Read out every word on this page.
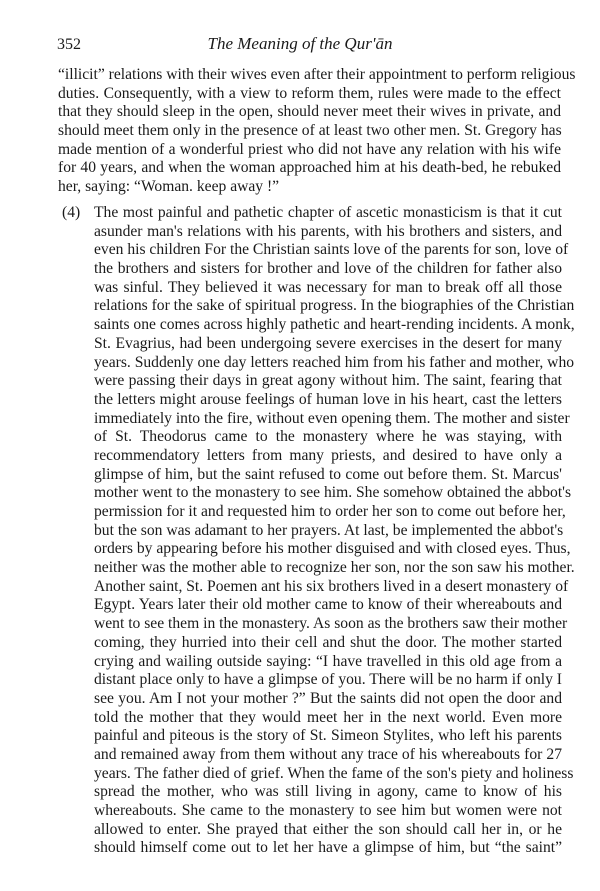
352	The Meaning of the Qur'ān
“illicit” relations with their wives even after their appointment to perform religious
duties. Consequently, with a view to reform them, rules were made to the effect
that they should sleep in the open, should never meet their wives in private, and
should meet them only in the presence of at least two other men. St. Gregory has
made mention of a wonderful priest who did not have any relation with his wife
for 40 years, and when the woman approached him at his death-bed, he rebuked
her, saying: “Woman. keep away !”
(4) The most painful and pathetic chapter of ascetic monasticism is that it cut
asunder man's relations with his parents, with his brothers and sisters, and
even his children For the Christian saints love of the parents for son, love of
the brothers and sisters for brother and love of the children for father also
was sinful. They believed it was necessary for man to break off all those
relations for the sake of spiritual progress. In the biographies of the Christian
saints one comes across highly pathetic and heart-rending incidents. A monk,
St. Evagrius, had been undergoing severe exercises in the desert for many
years. Suddenly one day letters reached him from his father and mother, who
were passing their days in great agony without him. The saint, fearing that
the letters might arouse feelings of human love in his heart, cast the letters
immediately into the fire, without even opening them. The mother and sister
of St. Theodorus came to the monastery where he was staying, with
recommendatory letters from many priests, and desired to have only a
glimpse of him, but the saint refused to come out before them. St. Marcus'
mother went to the monastery to see him. She somehow obtained the abbot's
permission for it and requested him to order her son to come out before her,
but the son was adamant to her prayers. At last, be implemented the abbot's
orders by appearing before his mother disguised and with closed eyes. Thus,
neither was the mother able to recognize her son, nor the son saw his mother.
Another saint, St. Poemen ant his six brothers lived in a desert monastery of
Egypt. Years later their old mother came to know of their whereabouts and
went to see them in the monastery. As soon as the brothers saw their mother
coming, they hurried into their cell and shut the door. The mother started
crying and wailing outside saying: “I have travelled in this old age from a
distant place only to have a glimpse of you. There will be no harm if only I
see you. Am I not your mother ?” But the saints did not open the door and
told the mother that they would meet her in the next world. Even more
painful and piteous is the story of St. Simeon Stylites, who left his parents
and remained away from them without any trace of his whereabouts for 27
years. The father died of grief. When the fame of the son's piety and holiness
spread the mother, who was still living in agony, came to know of his
whereabouts. She came to the monastery to see him but women were not
allowed to enter. She prayed that either the son should call her in, or he
should himself come out to let her have a glimpse of him, but “the saint”
